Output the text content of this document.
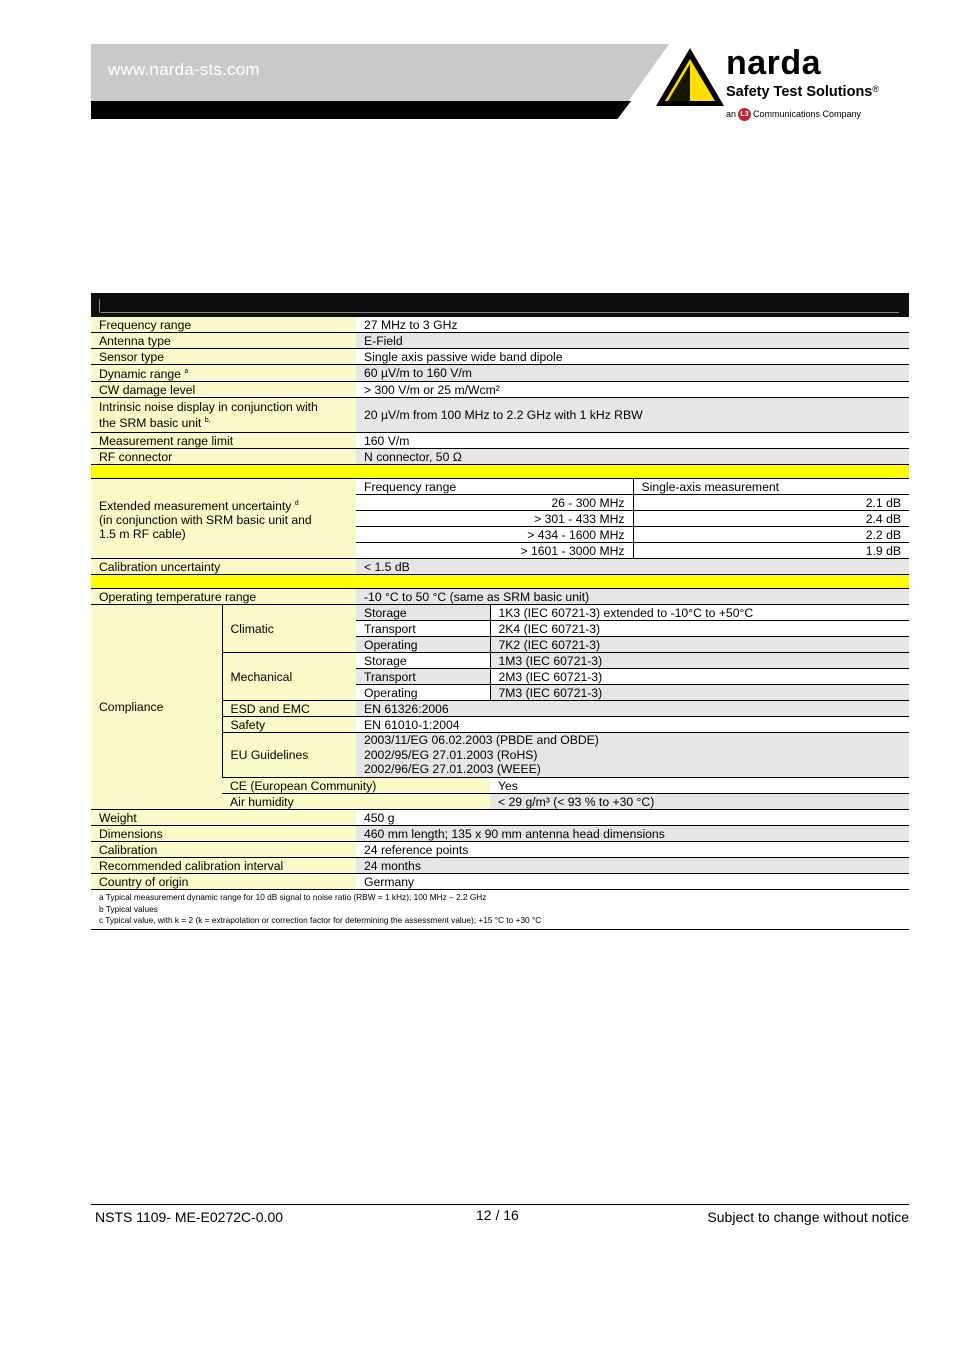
www.narda-sts.com	narda
Safety Test Solutions®
an L3 Communications Company

Frequency range		27 MHz to 3 GHz		
Antenna type		E-Field		
Sensor type		Single axis passive wide band dipole		
Dynamic range $^a$		60 µV/m to 160 V/m		
CW damage level		> 300 V/m or 25 m/Wcm²		
Intrinsic noise display in conjunction with
the SRM basic unit $^{b,}$		20 µV/m from 100 MHz to 2.2 GHz with 1 kHz RBW		
Measurement range limit		160 V/m		
RF connector		N connector, 50 Ω		

Extended measurement uncertainty $^d$
(in conjunction with SRM basic unit and
1.5 m RF cable)		Frequency range		Single-axis measurement
		26 - 300 MHz		2.1 dB
		> 301 - 433 MHz		2.4 dB
		> 434 - 1600 MHz		2.2 dB
		> 1601 - 3000 MHz		1.9 dB
Calibration uncertainty		< 1.5 dB		

Operating temperature range		-10 °C to 50 °C (same as SRM basic unit)		
Compliance	Climatic	Storage	1K3 (IEC 60721-3) extended to -10°C to +50°C	
		Transport	2K4 (IEC 60721-3)	
		Operating	7K2 (IEC 60721-3)	
	Mechanical	Storage	1M3 (IEC 60721-3)	
		Transport	2M3 (IEC 60721-3)	
		Operating	7M3 (IEC 60721-3)	
	ESD and EMC	EN 61326:2006		
	Safety	EN 61010-1:2004		
	EU Guidelines	2003/11/EG 06.02.2003 (PBDE and OBDE)
2002/95/EG 27.01.2003 (RoHS)
2002/96/EG 27.01.2003 (WEEE)		
	CE (European Community)		Yes	
	Air humidity		< 29 g/m³ (< 93 % to +30 °C)	
Weight		450 g		
Dimensions		460 mm length; 135 x 90 mm antenna head dimensions		
Calibration		24 reference points		
Recommended calibration interval		24 months		
Country of origin		Germany		

a Typical measurement dynamic range for 10 dB signal to noise ratio (RBW = 1 kHz); 100 MHz – 2.2 GHz
b Typical values
c Typical value, with k = 2 (k = extrapolation or correction factor for determining the assessment value); +15 °C to +30 °C				
NSTS 1109- ME-E0272C-0.00	12 / 16	Subject to change without notice
